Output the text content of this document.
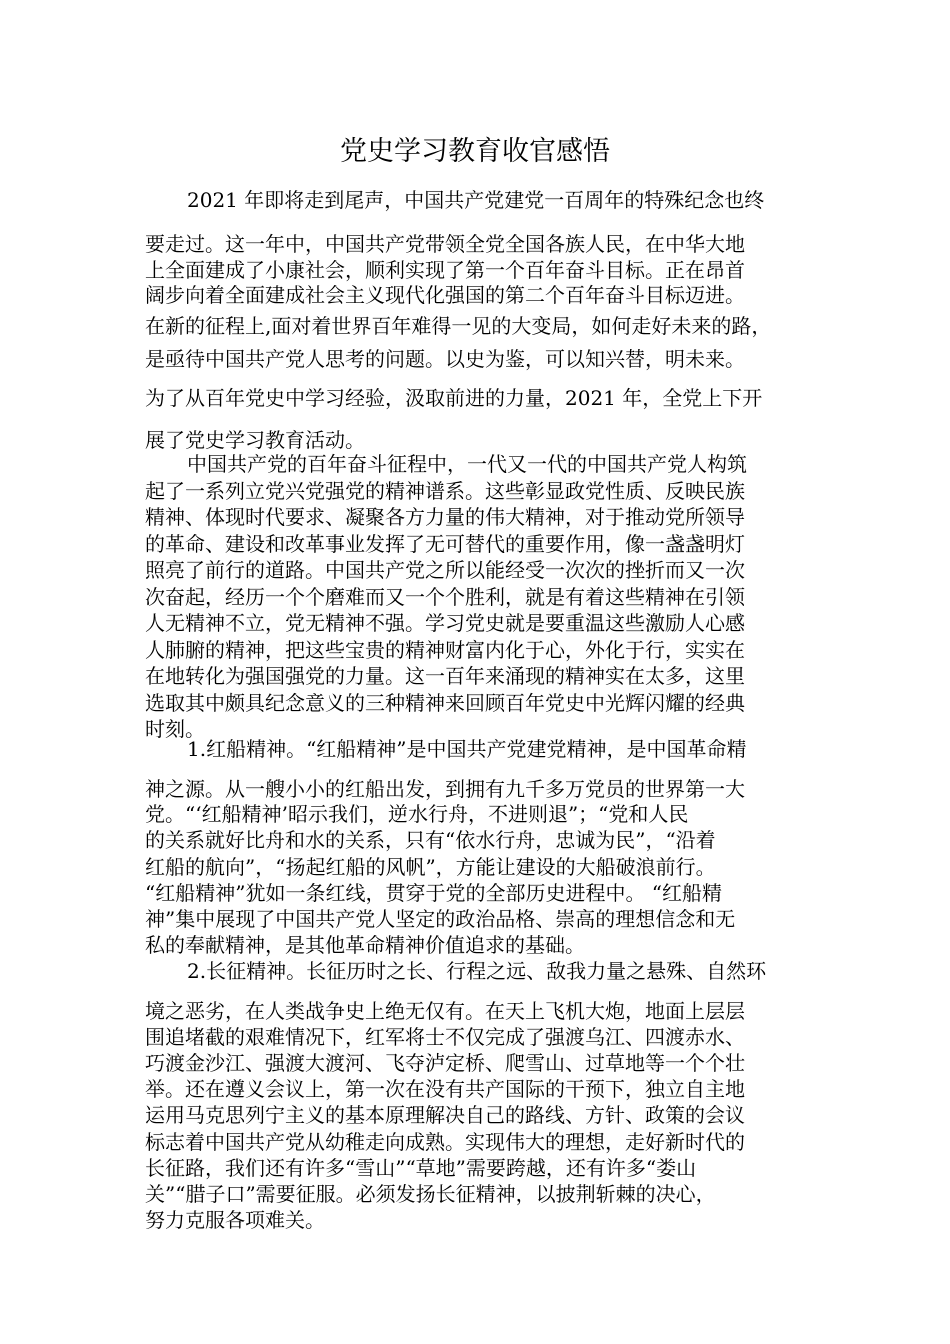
党史学习教育收官感悟
2021 年即将走到尾声，中国共产党建党一百周年的特殊纪念也终
要走过。这一年中，中国共产党带领全党全国各族人民，在中华大地
上全面建成了小康社会，顺利实现了第一个百年奋斗目标。正在昂首
阔步向着全面建成社会主义现代化强国的第二个百年奋斗目标迈进。
在新的征程上,面对着世界百年难得一见的大变局，如何走好未来的路，
是亟待中国共产党人思考的问题。以史为鉴，可以知兴替，明未来。
为了从百年党史中学习经验，汲取前进的力量，2021 年，全党上下开
展了党史学习教育活动。
中国共产党的百年奋斗征程中，一代又一代的中国共产党人构筑
起了一系列立党兴党强党的精神谱系。这些彰显政党性质、反映民族
精神、体现时代要求、凝聚各方力量的伟大精神，对于推动党所领导
的革命、建设和改革事业发挥了无可替代的重要作用，像一盏盏明灯
照亮了前行的道路。中国共产党之所以能经受一次次的挫折而又一次
次奋起，经历一个个磨难而又一个个胜利，就是有着这些精神在引领
人无精神不立，党无精神不强。学习党史就是要重温这些激励人心感
人肺腑的精神，把这些宝贵的精神财富内化于心，外化于行，实实在
在地转化为强国强党的力量。这一百年来涌现的精神实在太多，这里
选取其中颇具纪念意义的三种精神来回顾百年党史中光辉闪耀的经典
时刻。
1.红船精神。“红船精神”是中国共产党建党精神，是中国革命精
神之源。从一艘小小的红船出发，到拥有九千多万党员的世界第一大
党。“‘红船精神’昭示我们，逆水行舟，不进则退”；“党和人民
的关系就好比舟和水的关系，只有“依水行舟，忠诚为民”，“沿着
红船的航向”，“扬起红船的风帆”，方能让建设的大船破浪前行。
“红船精神”犹如一条红线，贯穿于党的全部历史进程中。 “红船精
神”集中展现了中国共产党人坚定的政治品格、崇高的理想信念和无
私的奉献精神，是其他革命精神价值追求的基础。
2.长征精神。长征历时之长、行程之远、敌我力量之悬殊、自然环
境之恶劣，在人类战争史上绝无仅有。在天上飞机大炮，地面上层层
围追堵截的艰难情况下，红军将士不仅完成了强渡乌江、四渡赤水、
巧渡金沙江、强渡大渡河、飞夺泸定桥、爬雪山、过草地等一个个壮
举。还在遵义会议上，第一次在没有共产国际的干预下，独立自主地
运用马克思列宁主义的基本原理解决自己的路线、方针、政策的会议
标志着中国共产党从幼稚走向成熟。实现伟大的理想，走好新时代的
长征路，我们还有许多“雪山”“草地”需要跨越，还有许多“娄山
关”“腊子口”需要征服。必须发扬长征精神，以披荆斩棘的决心，
努力克服各项难关。
